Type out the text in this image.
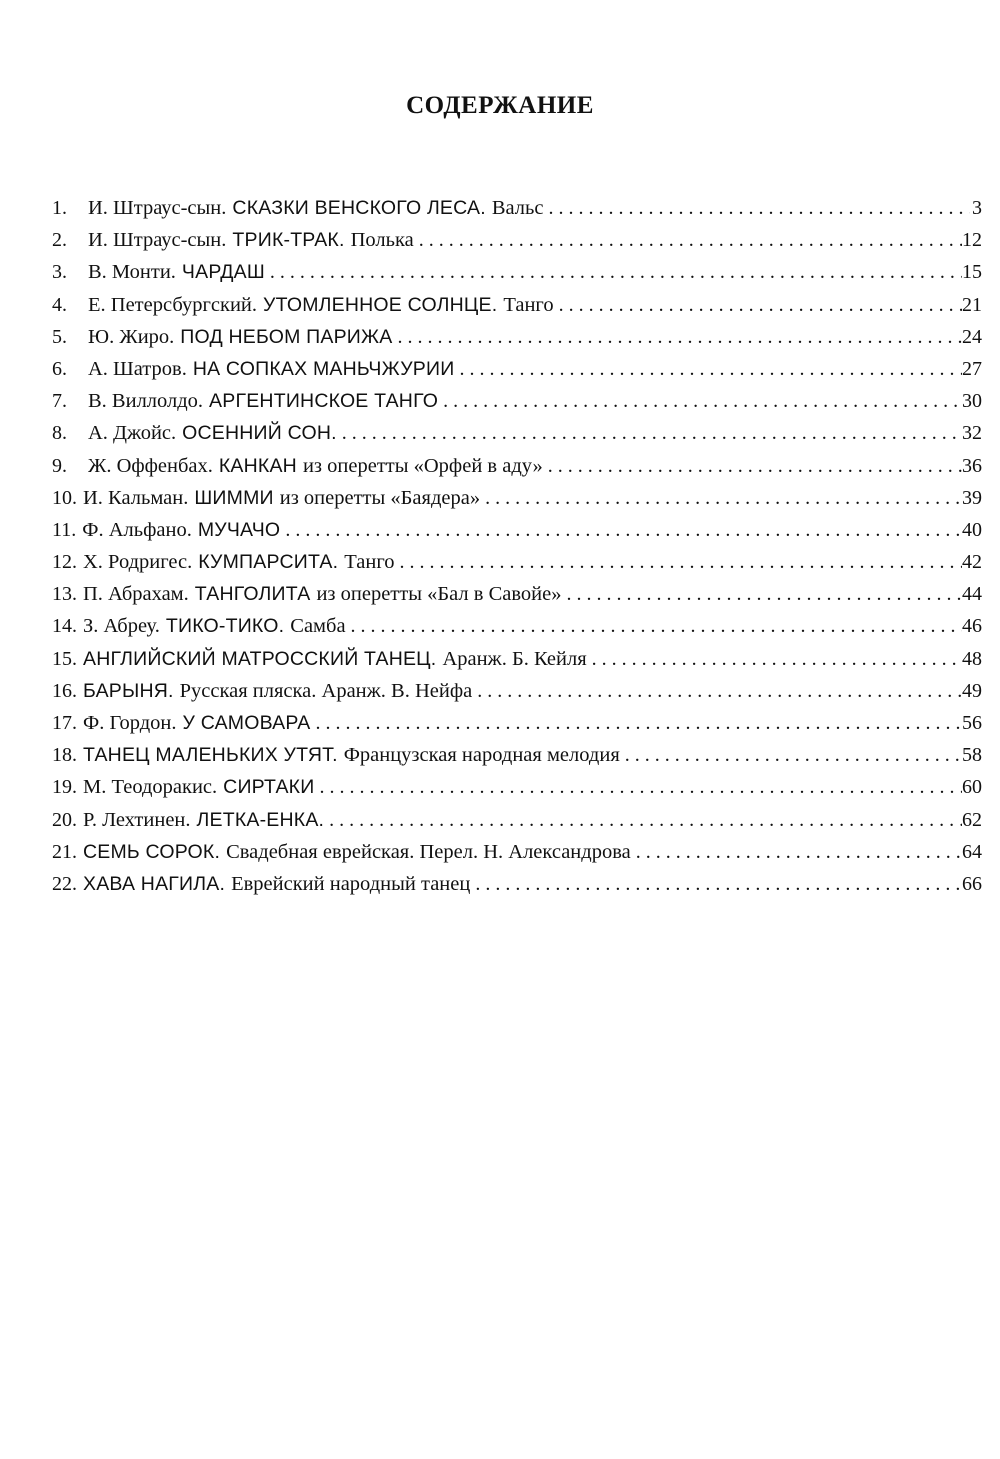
СОДЕРЖАНИЕ
1.	И. Штраус-сын. СКАЗКИ ВЕНСКОГО ЛЕСА. Вальс . . .	3
2.	И. Штраус-сын. ТРИК-ТРАК. Полька . . .	12
3.	В. Монти. ЧАРДАШ . . .	15
4.	Е. Петерсбургский. УТОМЛЕННОЕ СОЛНЦЕ. Танго . . .	21
5.	Ю. Жиро. ПОД НЕБОМ ПАРИЖА . . .	24
6.	А. Шатров. НА СОПКАХ МАНЬЧЖУРИИ . . .	27
7.	В. Виллолдо. АРГЕНТИНСКОЕ ТАНГО . . .	30
8.	А. Джойс. ОСЕННИЙ СОН. . . .	32
9.	Ж. Оффенбах. КАНКАН из оперетты «Орфей в аду» . . .	36
10. И. Кальман. ШИММИ из оперетты «Баядера» . . .	39
11. Ф. Альфано. МУЧАЧО . . .	40
12. Х. Родригес. КУМПАРСИТА. Танго . . .	42
13. П. Абрахам. ТАНГОЛИТА из оперетты «Бал в Савойе» . . .	44
14. З. Абреу. ТИКО-ТИКО. Самба . . .	46
15. АНГЛИЙСКИЙ МАТРОССКИЙ ТАНЕЦ. Аранж. Б. Кейля . . .	48
16. БАРЫНЯ. Русская пляска. Аранж. В. Нейфа . . .	49
17. Ф. Гордон. У САМОВАРА . . .	56
18. ТАНЕЦ МАЛЕНЬКИХ УТЯТ. Французская народная мелодия . . .	58
19. М. Теодоракис. СИРТАКИ . . .	60
20. Р. Лехтинен. ЛЕТКА-ЕНКА. . . .	62
21. СЕМЬ СОРОК. Свадебная еврейская. Перел. Н. Александрова . . .	64
22. ХАВА НАГИЛА. Еврейский народный танец . . .	66
